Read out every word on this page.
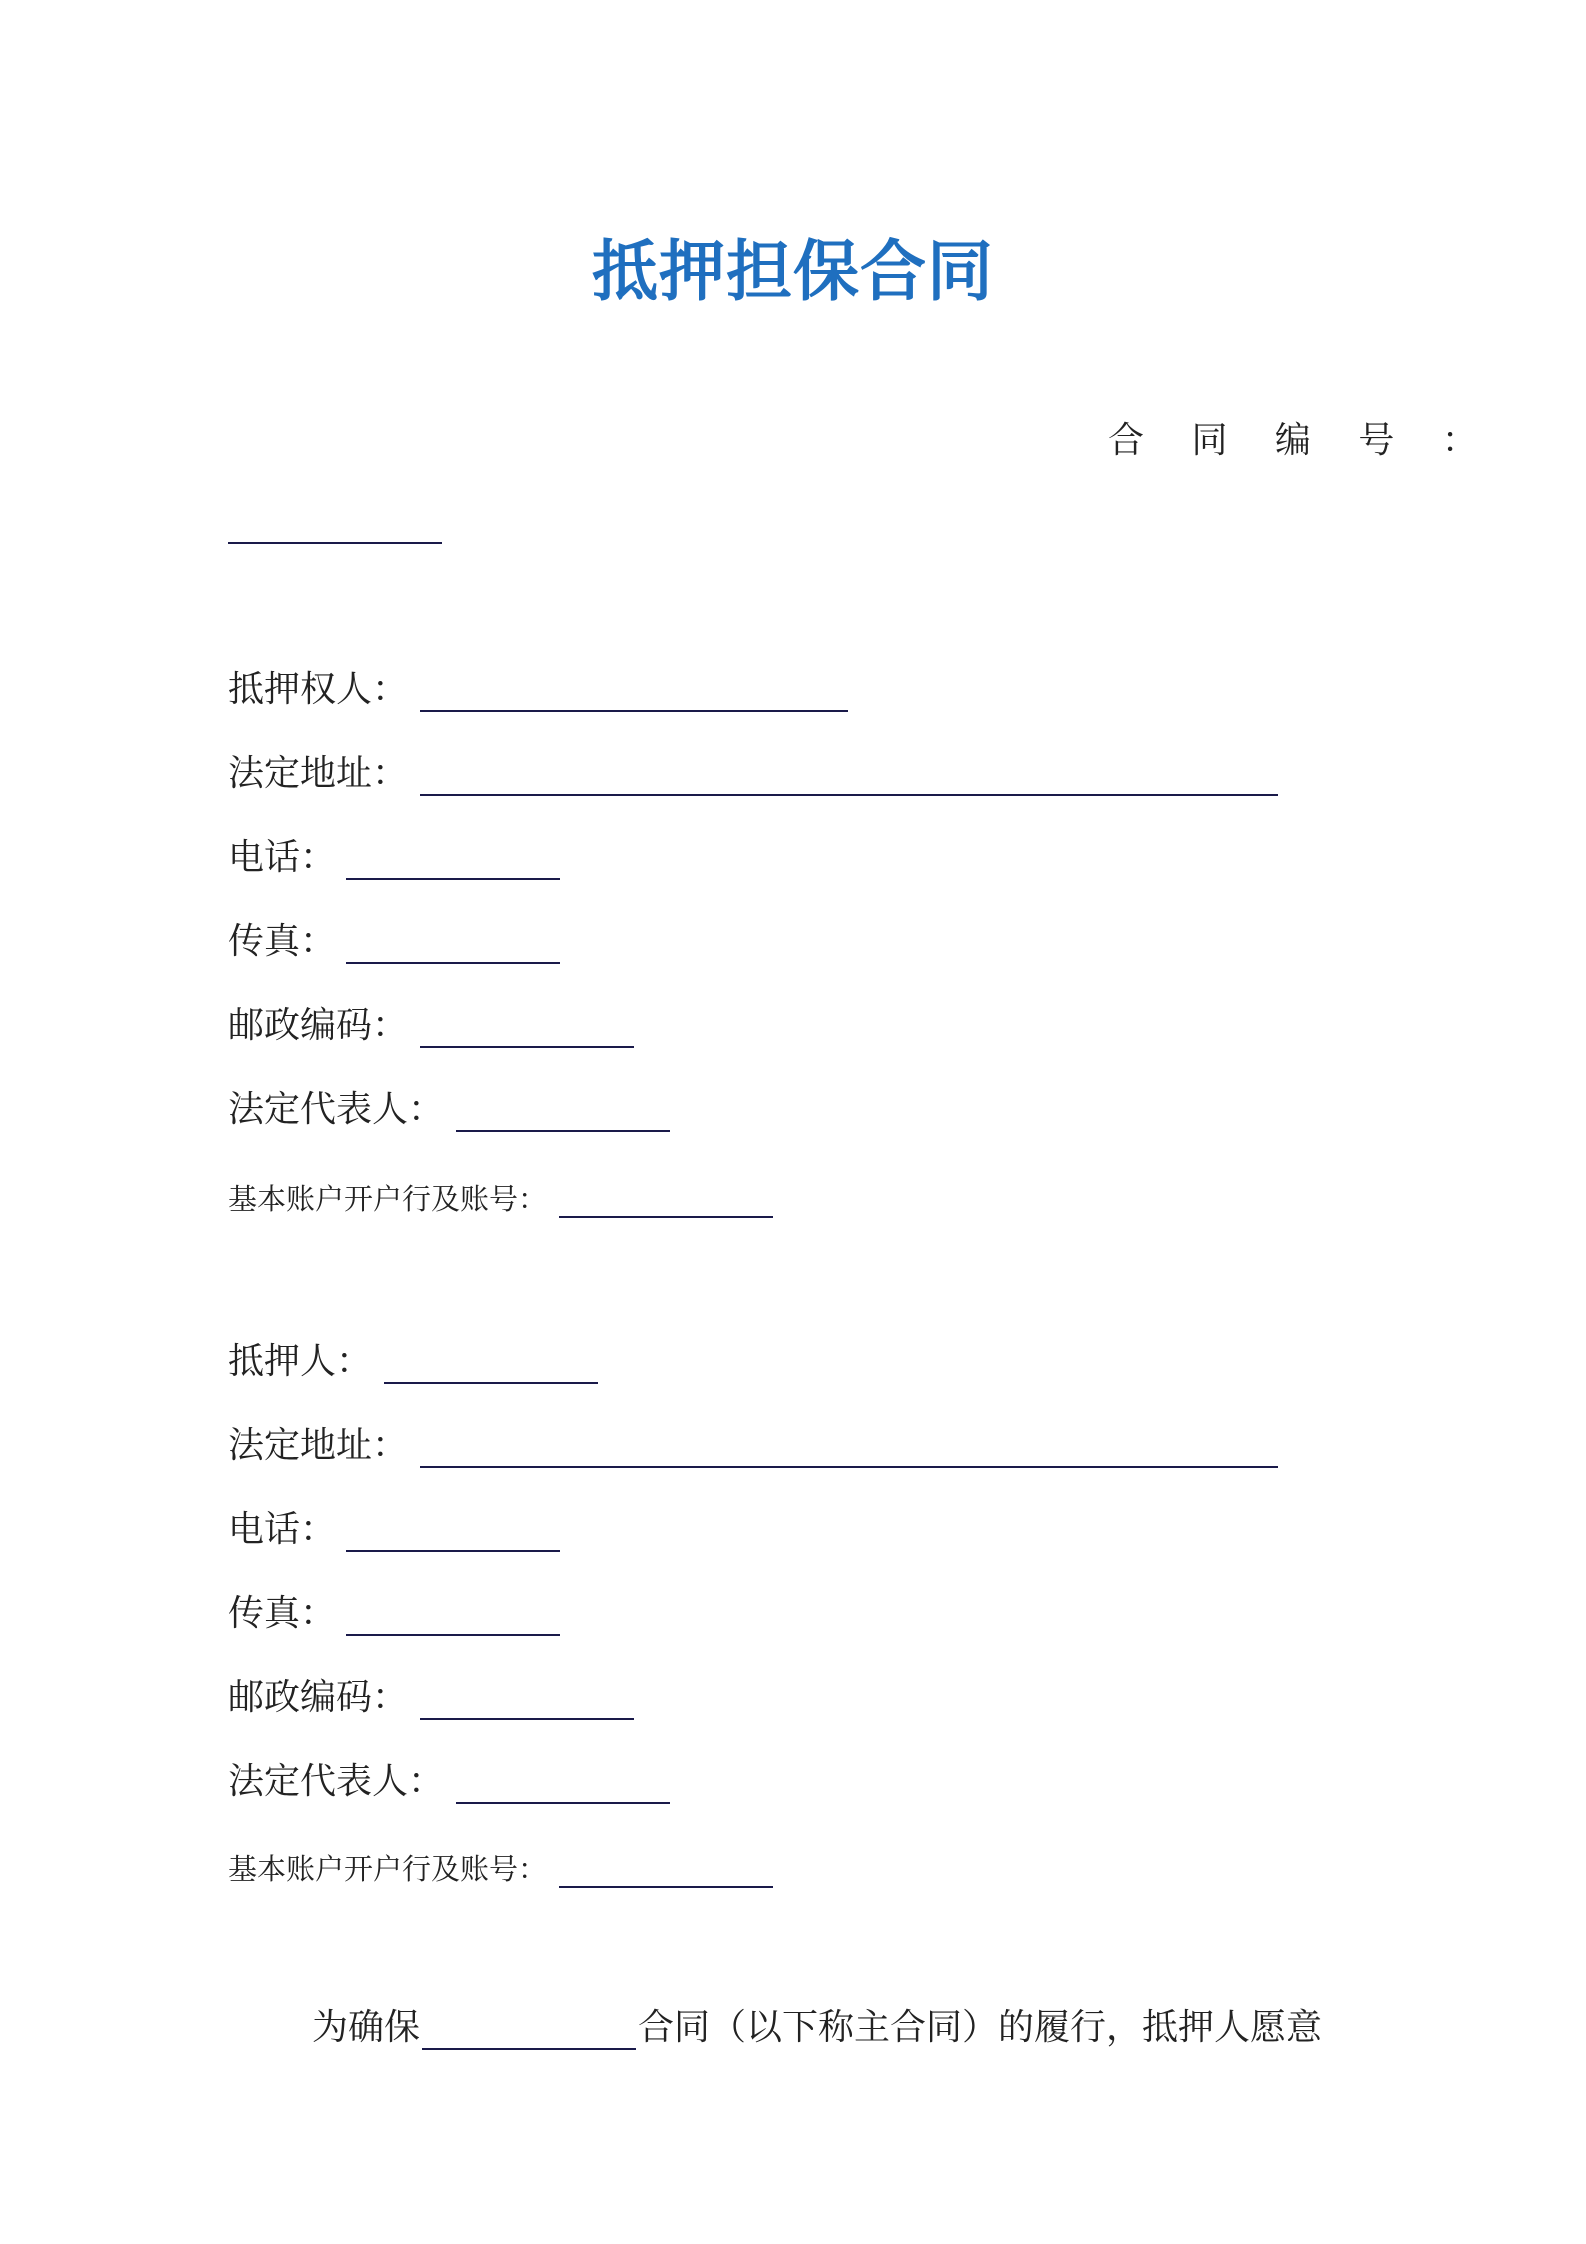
抵押担保合同
合 同 编 号 ：
抵押权人：
法定地址：
电话：
传真：
邮政编码：
法定代表人：
基本账户开户行及账号：
抵押人：
法定地址：
电话：
传真：
邮政编码：
法定代表人：
基本账户开户行及账号：
为确保	合同（以下称主合同）的履行，抵押人愿意
